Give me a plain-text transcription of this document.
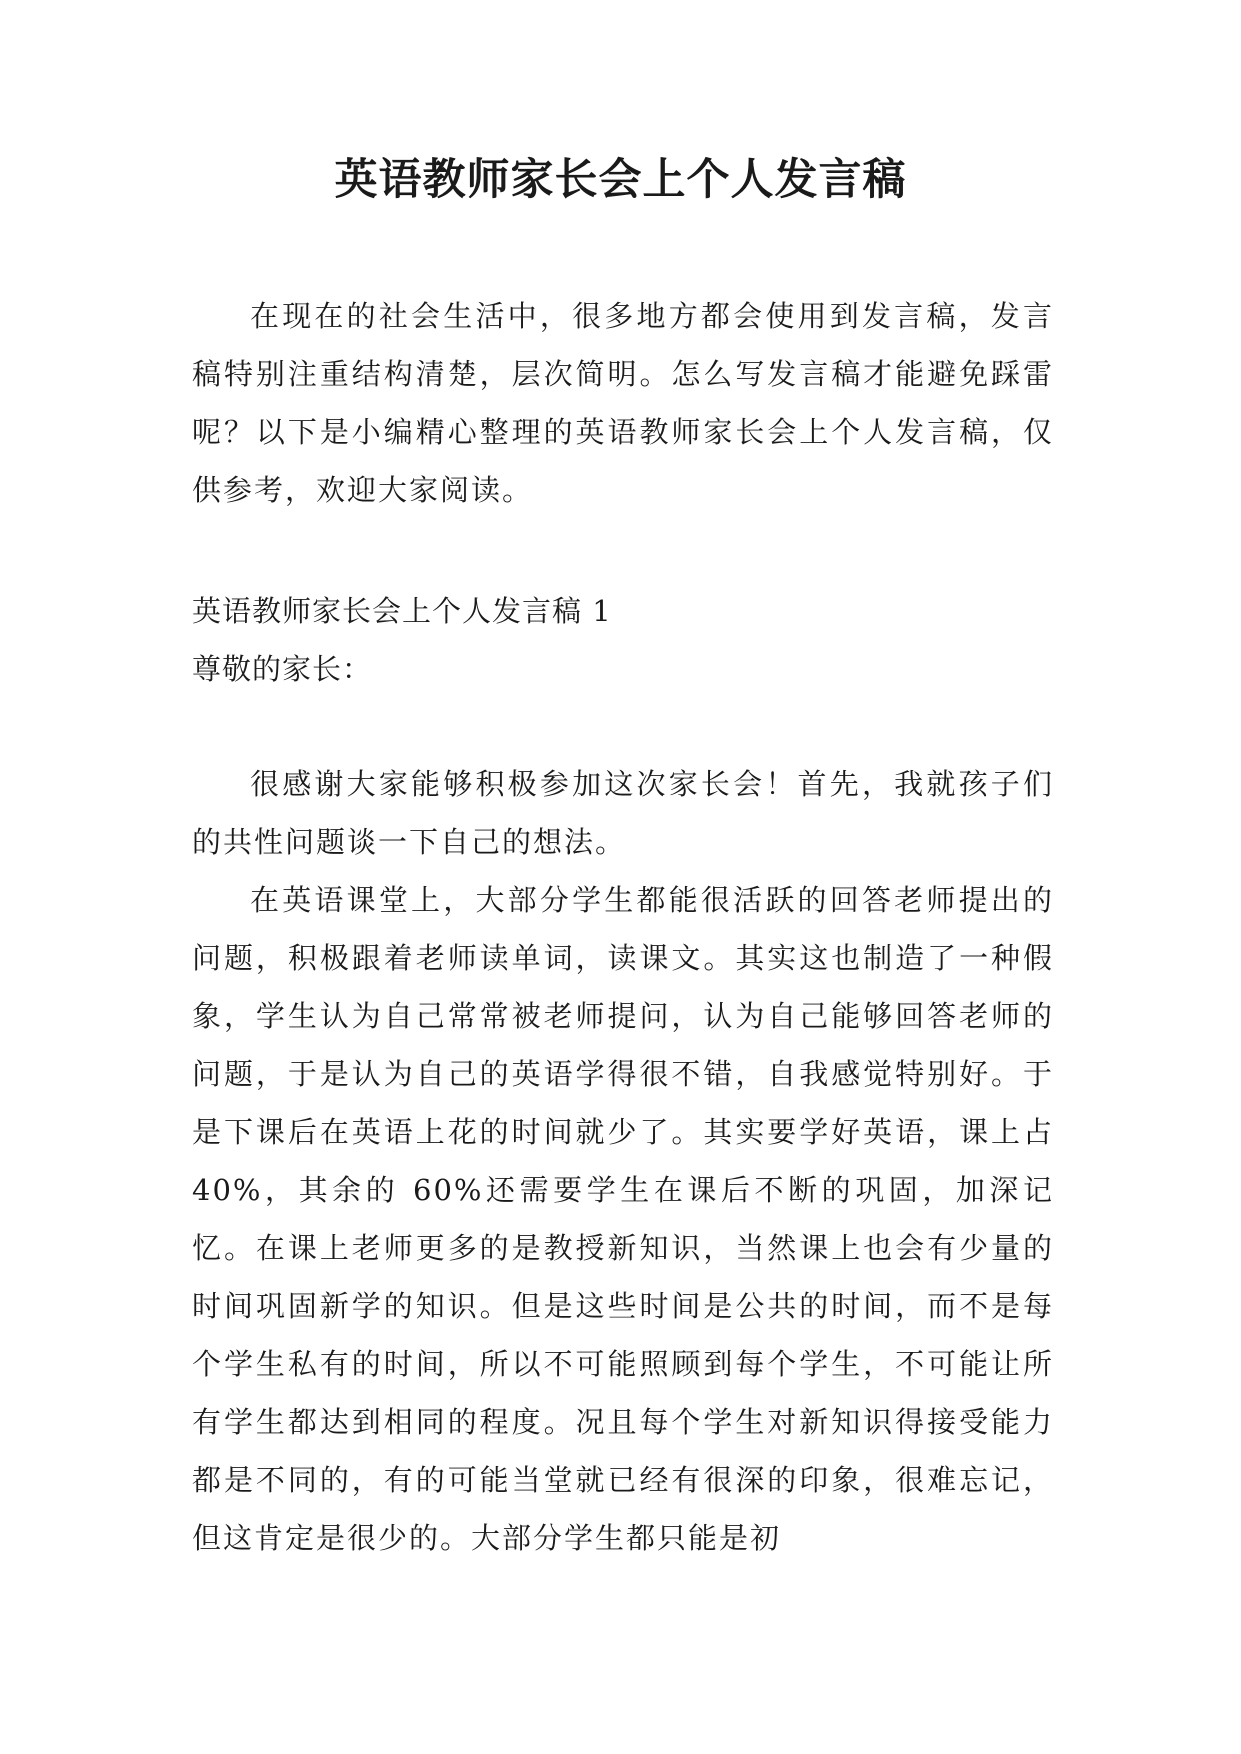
英语教师家长会上个人发言稿

在现在的社会生活中，很多地方都会使用到发言稿，发言稿特别注重结构清楚，层次简明。怎么写发言稿才能避免踩雷呢？以下是小编精心整理的英语教师家长会上个人发言稿，仅供参考，欢迎大家阅读。

英语教师家长会上个人发言稿 1

尊敬的家长：

很感谢大家能够积极参加这次家长会！首先，我就孩子们的共性问题谈一下自己的想法。

在英语课堂上，大部分学生都能很活跃的回答老师提出的问题，积极跟着老师读单词，读课文。其实这也制造了一种假象，学生认为自己常常被老师提问，认为自己能够回答老师的问题，于是认为自己的英语学得很不错，自我感觉特别好。于是下课后在英语上花的时间就少了。其实要学好英语，课上占 40%，其余的 60%还需要学生在课后不断的巩固，加深记忆。在课上老师更多的是教授新知识，当然课上也会有少量的时间巩固新学的知识。但是这些时间是公共的时间，而不是每个学生私有的时间，所以不可能照顾到每个学生，不可能让所有学生都达到相同的程度。况且每个学生对新知识得接受能力都是不同的，有的可能当堂就已经有很深的印象，很难忘记，但这肯定是很少的。大部分学生都只能是初
